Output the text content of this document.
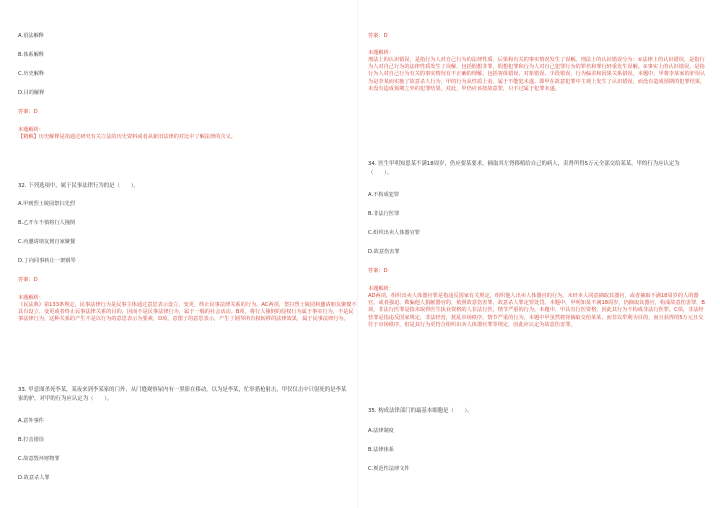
A.语法解释
B.体系解释
C.历史解释
D.目的解释
答案：D
本题解析：
【精解】历史解释是指通过研究有关立法的历史资料或者从新旧法律的对比中了解法律的含义。
32. 下列选项中，属于民事法律行为的是（　　）。
A.甲到烈士陵园祭扫先烈
B.乙开车不慎将行人撞倒
C.丙邀请朋友到自家聚餐
D.丁向同事转让一架钢琴
答案：D
本题解析：
《民法典》第133条规定，民事法律行为是民事主体通过意思表示设立、变更、终止民事法律关系的行为。AC两项，祭扫烈士陵园和邀请朋友聚餐不具有设立、变更或者终止民事法律关系的目的，因而不是民事法律行为，属于一般的社会活动。B项，将行人撞倒的侵权行为属于事实行为，不是民事法律行为，这种关系的产生不是以行为的意思表示为要素，D项，意图了的意思表示，产生了钢琴所有权转移的法律效果，属于民事法律行为。
33. 甲意图杀死李某，某夜来到李某家的门外，从门缝观察屋内有一黑影在移动，以为是李某，忙举猎枪射击，甲仅仅击中只射死的是李某家的驴，对甲的行为应认定为（　　）。
A.意外事件
B.打击错误
C.故意毁坏财物罪
D.故意杀人罪
答案：D
本题解析：
刑法上的认识错误，是指行为人对自己行为的法律性质、后果和有关的事实情况发生了误解。刑法上的认识错误分为：①法律上的认识错误，是指行为人对自己行为的法律性质发生了误解，包括假想非罪、假想犯罪和行为人对自己犯罪行为的罪名和罪行轻重发生误解。②事实上的认识错误，是指行为人对自己行为有关的事实情况有不正确的理解。包括客体错误、对象错误、手段错误、行为偏差和因果关系错误。本题中，甲将李某家的驴误认为是李某而实施了故意杀人行为，甲的行为从性质上看，属于不能犯未遂。即甲在故意犯罪中主观上发生了认识错误，而没有造成预期的犯罪结果，未没有造成预期之外的犯罪结果，对此，甲仍应该按故意罪，只不过属于犯罪未遂。
34. 医生甲明知患某不满18周岁，仍应要某要求，摘取其左肾移植给自己的病人，卖肾所得5万元全部交给某某，甲的行为应认定为（　　）。
A.不构成犯罪
B.非法行医罪
C.组织出卖人体器官罪
D.故意伤害罪
答案：D
本题解析：
AD两项，组织出卖人体器官罪是指违反国家有关规定，组织他人出卖人体器官的行为。未经本人同意摘取其器官，或者摘取不满18周岁的人的器官，或者强迫、欺骗他人捐献器官的，依照故意伤害罪、故意杀人罪定罪处罚。本题中，甲明知某不满18周岁，仍摘取其器官，构成故意伤害罪。B项，非法行医罪是指未取得医生执业资格的人非法行医，情节严重的行为。本题中，甲具有行医资格，因此其行为不构成非法行医罪。C项，非法经营罪是指违反国家规定，非法经营，扰乱市场秩序，情节严重的行为。本题中甲虽然将肾摘取交给某某，而非以牟利为目的，而且获得的5万元且交付于市场秩序，但是其行为更符合组织出卖人体器官罪等规定，因此应认定为故意伤害罪。
35. 构成法律部门的最基本细胞是（　　）。
A.法律制度
B.法律体系
C.规范性法律文件
